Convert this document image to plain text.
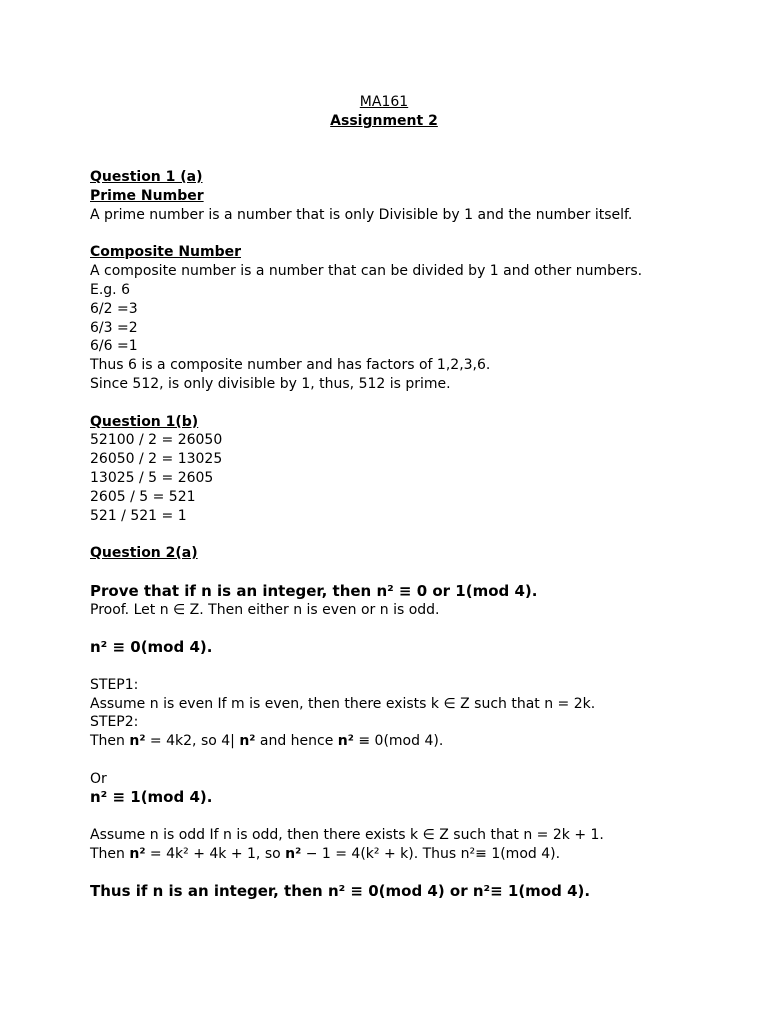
MA161
Assignment 2
Question 1 (a)
Prime Number
A prime number is a number that is only Divisible by 1 and the number itself.
Composite Number
A composite number is a number that can be divided by 1 and other numbers.
E.g. 6
6/2 =3
6/3 =2
6/6 =1
Thus 6 is a composite number and has factors of 1,2,3,6.
Since 512, is only divisible by 1, thus, 512 is prime.
Question 1(b)
52100 / 2 = 26050
26050 / 2 = 13025
13025 / 5 = 2605
2605 / 5 = 521
521 / 521 = 1
Question 2(a)
Prove that if n is an integer, then n² ≡ 0 or 1(mod 4).
Proof. Let n ∈ Z. Then either n is even or n is odd.
n² ≡ 0(mod 4).
STEP1:
Assume n is even If m is even, then there exists k ∈ Z such that n = 2k.
STEP2:
Then n² = 4k2, so 4| n² and hence n² ≡ 0(mod 4).
Or
n² ≡ 1(mod 4).
Assume n is odd If n is odd, then there exists k ∈ Z such that n = 2k + 1.
Then n² = 4k² + 4k + 1, so n² − 1 = 4(k² + k). Thus n²≡ 1(mod 4).
Thus if n is an integer, then n² ≡ 0(mod 4) or n²≡ 1(mod 4).
